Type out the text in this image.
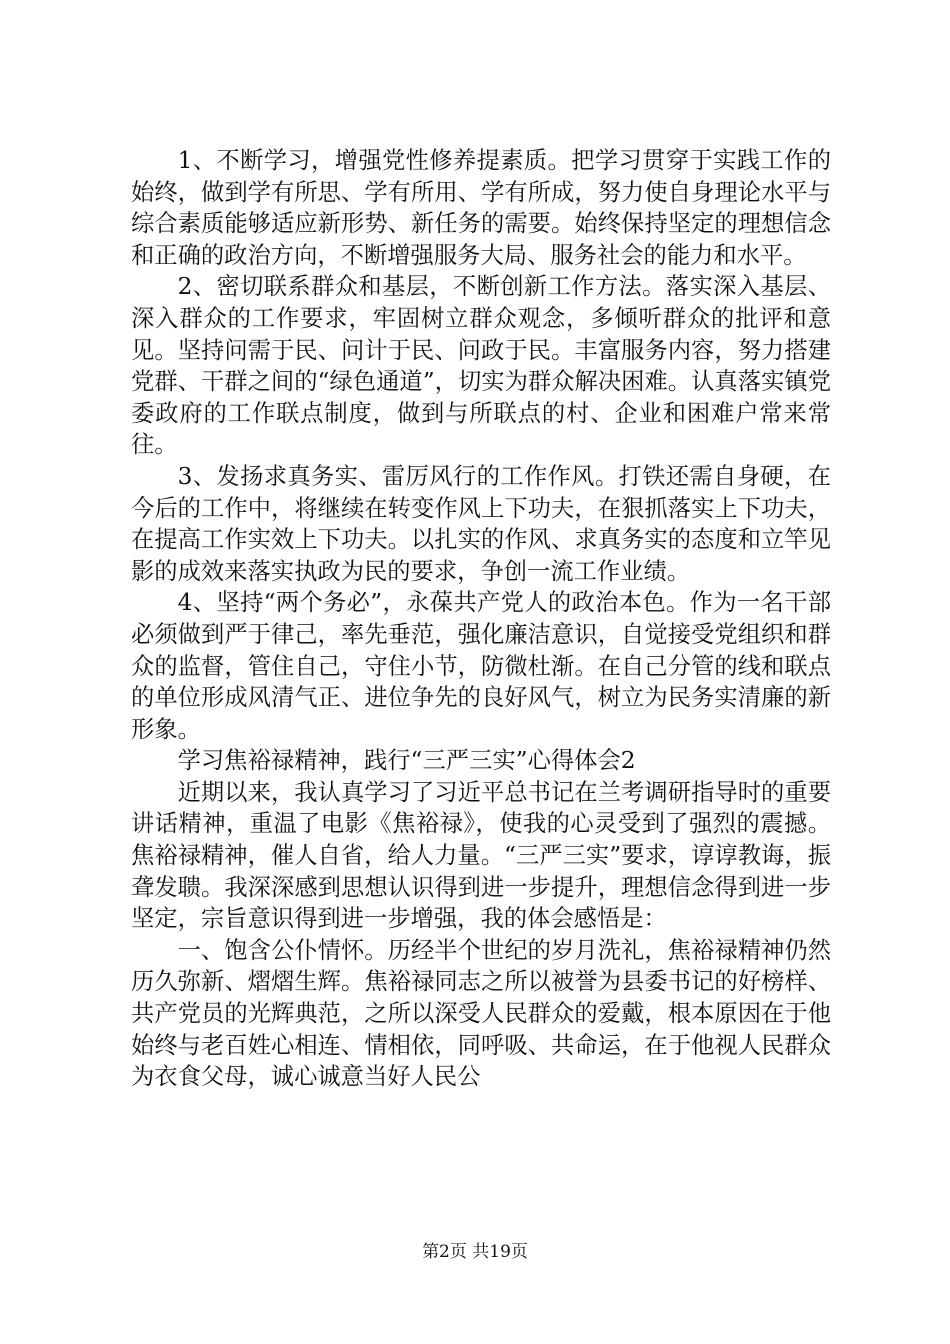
1、不断学习，增强党性修养提素质。把学习贯穿于实践工作的始终，做到学有所思、学有所用、学有所成，努力使自身理论水平与综合素质能够适应新形势、新任务的需要。始终保持坚定的理想信念和正确的政治方向，不断增强服务大局、服务社会的能力和水平。

2、密切联系群众和基层，不断创新工作方法。落实深入基层、深入群众的工作要求，牢固树立群众观念，多倾听群众的批评和意见。坚持问需于民、问计于民、问政于民。丰富服务内容，努力搭建党群、干群之间的“绿色通道”，切实为群众解决困难。认真落实镇党委政府的工作联点制度，做到与所联点的村、企业和困难户常来常往。

3、发扬求真务实、雷厉风行的工作作风。打铁还需自身硬，在今后的工作中，将继续在转变作风上下功夫，在狠抓落实上下功夫，在提高工作实效上下功夫。以扎实的作风、求真务实的态度和立竿见影的成效来落实执政为民的要求，争创一流工作业绩。

4、坚持“两个务必”，永葆共产党人的政治本色。作为一名干部必须做到严于律己，率先垂范，强化廉洁意识，自觉接受党组织和群众的监督，管住自己，守住小节，防微杜渐。在自己分管的线和联点的单位形成风清气正、进位争先的良好风气，树立为民务实清廉的新形象。

学习焦裕禄精神，践行“三严三实”心得体会2

近期以来，我认真学习了习近平总书记在兰考调研指导时的重要讲话精神，重温了电影《焦裕禄》，使我的心灵受到了强烈的震撼。焦裕禄精神，催人自省，给人力量。“三严三实”要求，谆谆教诲，振聋发聩。我深深感到思想认识得到进一步提升，理想信念得到进一步坚定，宗旨意识得到进一步增强，我的体会感悟是：

一、饱含公仆情怀。历经半个世纪的岁月洗礼，焦裕禄精神仍然历久弥新、熠熠生辉。焦裕禄同志之所以被誉为县委书记的好榜样、共产党员的光辉典范，之所以深受人民群众的爱戴，根本原因在于他始终与老百姓心相连、情相依，同呼吸、共命运，在于他视人民群众为衣食父母，诚心诚意当好人民公

第2页 共19页
